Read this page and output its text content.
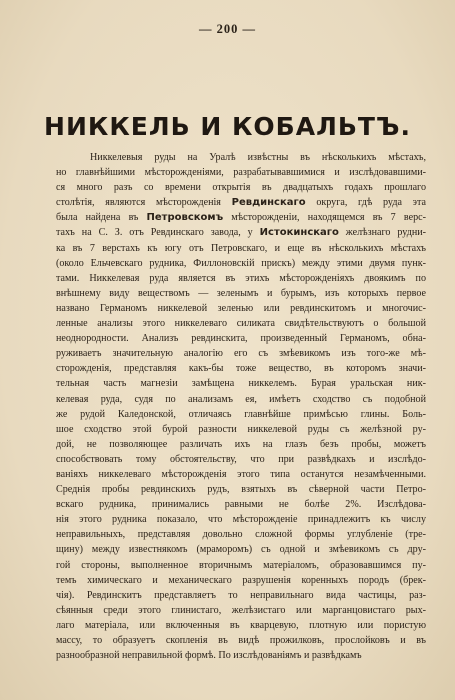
— 200 —
НИККЕЛЬ И КОБАЛЬТЪ.
Никкелевыя руды на Уралѣ извѣстны въ нѣсколькихъ мѣстахъ,
но главнѣйшими мѣсторожденіями, разрабатывавшимися и изслѣдовавшими-
ся много разъ со времени открытія въ двадцатыхъ годахъ прошлаго
столѣтія, являются мѣсторожденія Ревдинскаго округа, гдѣ руда эта
была найдена въ Петровскомъ мѣсторожденіи, находящемся въ 7 верс-
тахъ на С. З. отъ Ревдинскаго завода, у Истокинскаго желѣзнаго рудни-
ка въ 7 верстахъ къ югу отъ Петровскаго, и еще въ нѣсколькихъ мѣстахъ
(около Ельчевскаго рудника, Филлоновскій прискъ) между этими двумя пунк-
тами. Никкелевая руда является въ этихъ мѣсторожденіяхъ двоякимъ по
внѣшнему виду веществомъ — зеленымъ и бурымъ, изъ которыхъ первое
названо Германомъ никкелевой зеленью или ревдинскитомъ и многочис-
ленные анализы этого никкелеваго силиката свидѣтельствуютъ о большой
неоднородности. Анализъ ревдинскита, произведенный Германомъ, обна-
руживаетъ значительную аналогію его съ змѣевикомъ изъ того-же мѣ-
сторожденія, представляя какъ-бы тоже вещество, въ которомъ значи-
тельная часть магнезіи замѣщена никкелемъ. Бурая уральская ник-
келевая руда, судя по анализамъ ея, имѣетъ сходство съ подобной
же рудой Каледонской, отличаясь главнѣйше примѣсью глины. Боль-
шое сходство этой бурой разности никкелевой руды съ желѣзной ру-
дой, не позволяющее различать ихъ на глазъ безъ пробы, можетъ
способствовать тому обстоятельству, что при развѣдкахъ и изслѣдо-
ваніяхъ никкелеваго мѣсторожденія этого типа останутся незамѣченными.
Среднія пробы ревдинскихъ рудъ, взятыхъ въ сѣверной части Петро-
вскаго рудника, принимались равными не болѣе 2%. Изслѣдова-
нія этого рудника показало, что мѣсторожденіе принадлежитъ къ числу
неправильныхъ, представляя довольно сложной формы углубленіе (тре-
щину) между известнякомъ (мраморомъ) съ одной и змѣевикомъ съ дру-
гой стороны, выполненное вторичнымъ матеріаломъ, образовавшимся пу-
темъ химическаго и механическаго разрушенія коренныхъ породъ (брек-
чія). Ревдинскитъ представляетъ то неправильнаго вида частицы, раз-
сѣянныя среди этого глинистаго, желѣзистаго или марганцовистаго рых-
лаго матеріала, или включенныя въ кварцевую, плотную или пористую
массу, то образуетъ скопленія въ видѣ прожилковъ, прослойковъ и въ
разнообразной неправильной формѣ. По изслѣдованіямъ и развѣдкамъ
